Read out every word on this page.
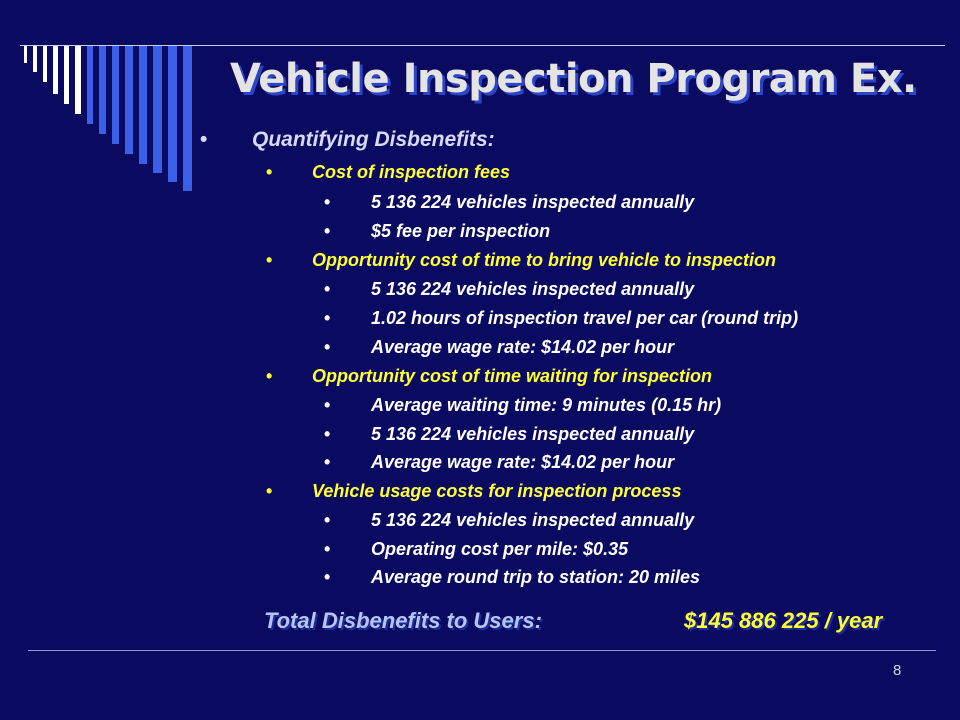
Vehicle Inspection Program Ex.
• Quantifying Disbenefits:
• Cost of inspection fees
• 5 136 224 vehicles inspected annually
• $5 fee per inspection
• Opportunity cost of time to bring vehicle to inspection
• 5 136 224 vehicles inspected annually
• 1.02 hours of inspection travel per car (round trip)
• Average wage rate: $14.02 per hour
• Opportunity cost of time waiting for inspection
• Average waiting time: 9 minutes (0.15 hr)
• 5 136 224 vehicles inspected annually
• Average wage rate: $14.02 per hour
• Vehicle usage costs for inspection process
• 5 136 224 vehicles inspected annually
• Operating cost per mile: $0.35
• Average round trip to station: 20 miles
Total Disbenefits to Users:	$145 886 225 / year
8
